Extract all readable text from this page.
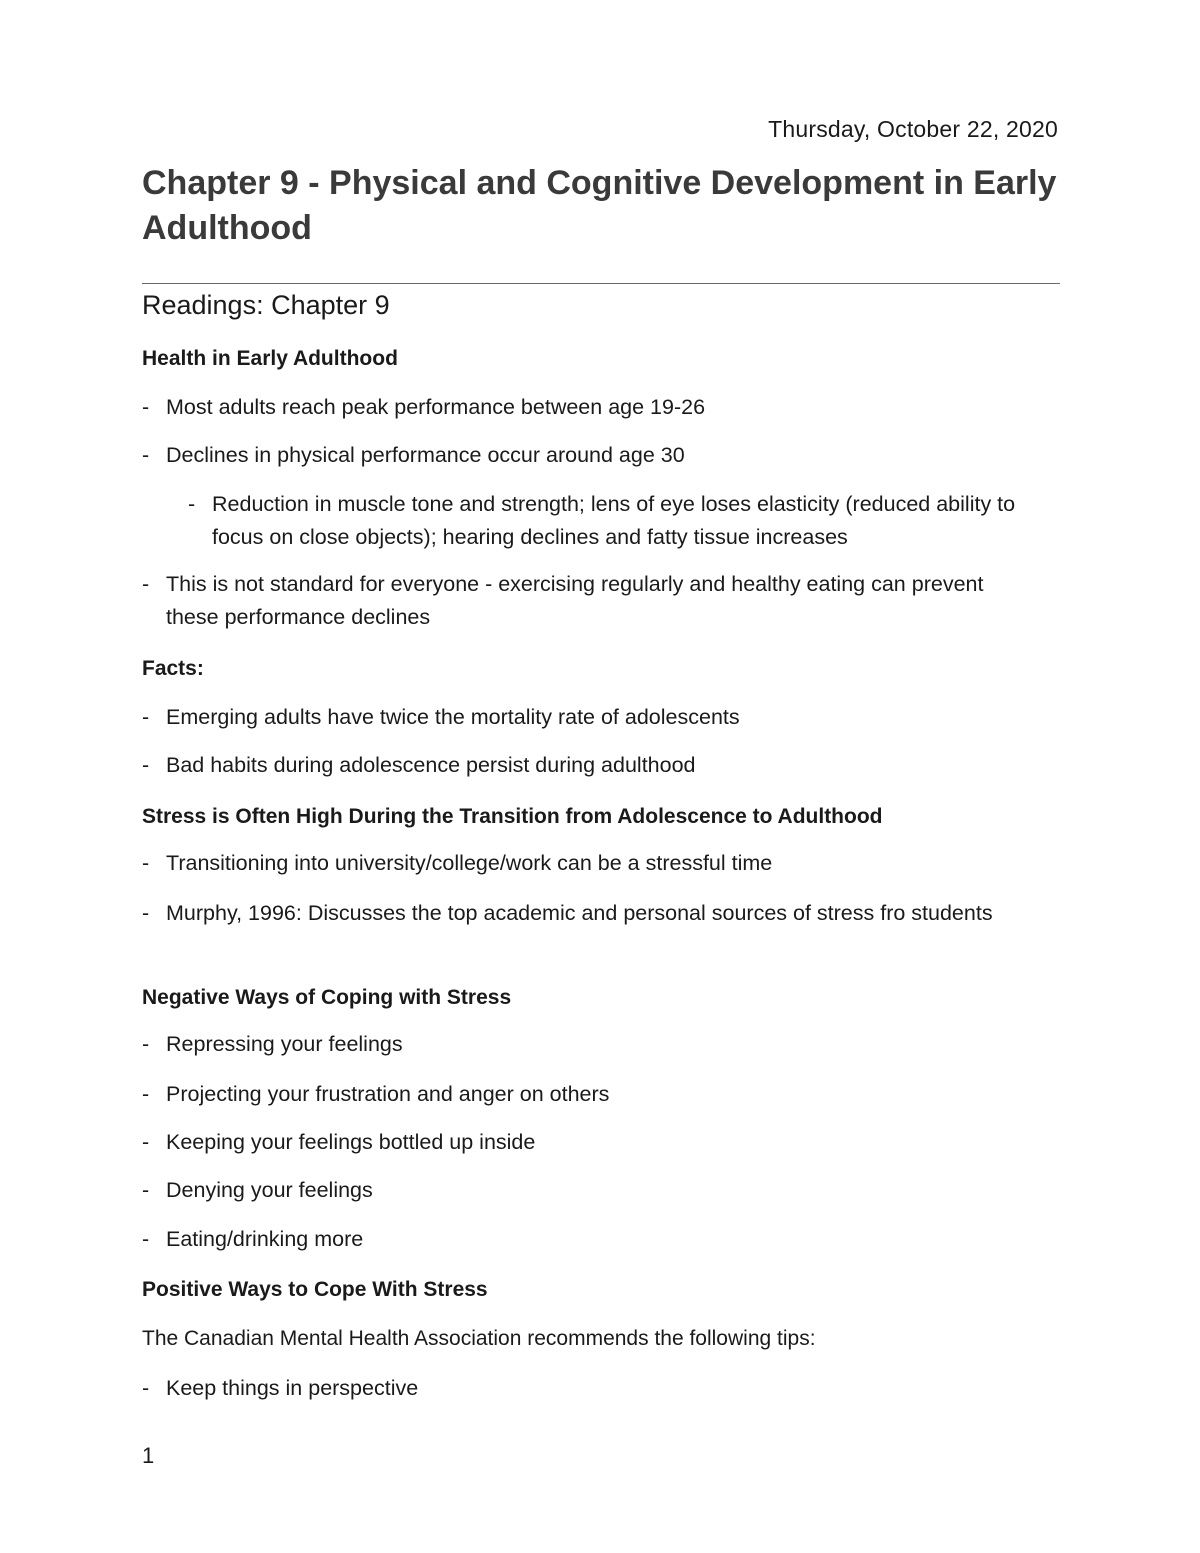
Thursday, October 22, 2020
Chapter 9 - Physical and Cognitive Development in Early Adulthood

Readings: Chapter 9

Health in Early Adulthood
- Most adults reach peak performance between age 19-26
- Declines in physical performance occur around age 30
- Reduction in muscle tone and strength; lens of eye loses elasticity (reduced ability to focus on close objects); hearing declines and fatty tissue increases
- This is not standard for everyone - exercising regularly and healthy eating can prevent these performance declines
Facts:
- Emerging adults have twice the mortality rate of adolescents
- Bad habits during adolescence persist during adulthood
Stress is Often High During the Transition from Adolescence to Adulthood
- Transitioning into university/college/work can be a stressful time
- Murphy, 1996: Discusses the top academic and personal sources of stress fro students
Negative Ways of Coping with Stress
- Repressing your feelings
- Projecting your frustration and anger on others
- Keeping your feelings bottled up inside
- Denying your feelings
- Eating/drinking more
Positive Ways to Cope With Stress
The Canadian Mental Health Association recommends the following tips:
- Keep things in perspective
1
